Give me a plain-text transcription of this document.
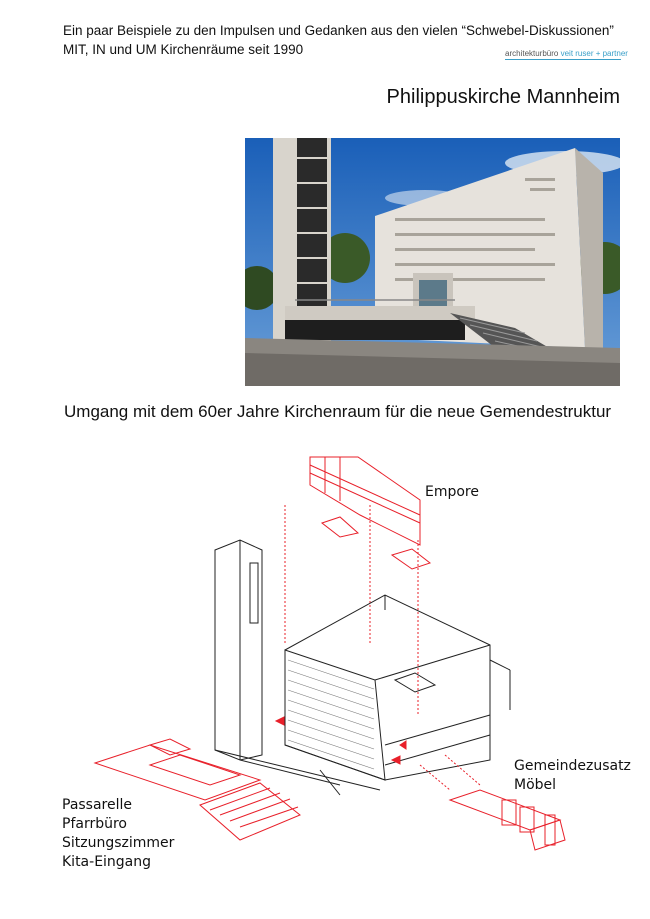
Ein paar Beispiele zu den Impulsen und Gedanken aus den vielen “Schwebel-Diskussionen”
MIT, IN und UM Kirchenräume seit 1990	architekturbüro veit ruser + partner
Philippuskirche Mannheim
Umgang mit dem 60er Jahre Kirchenraum für die neue Gemendestruktur
Empore
Gemeindezusatz
Möbel
Passarelle
Pfarrbüro
Sitzungszimmer
Kita-Eingang
